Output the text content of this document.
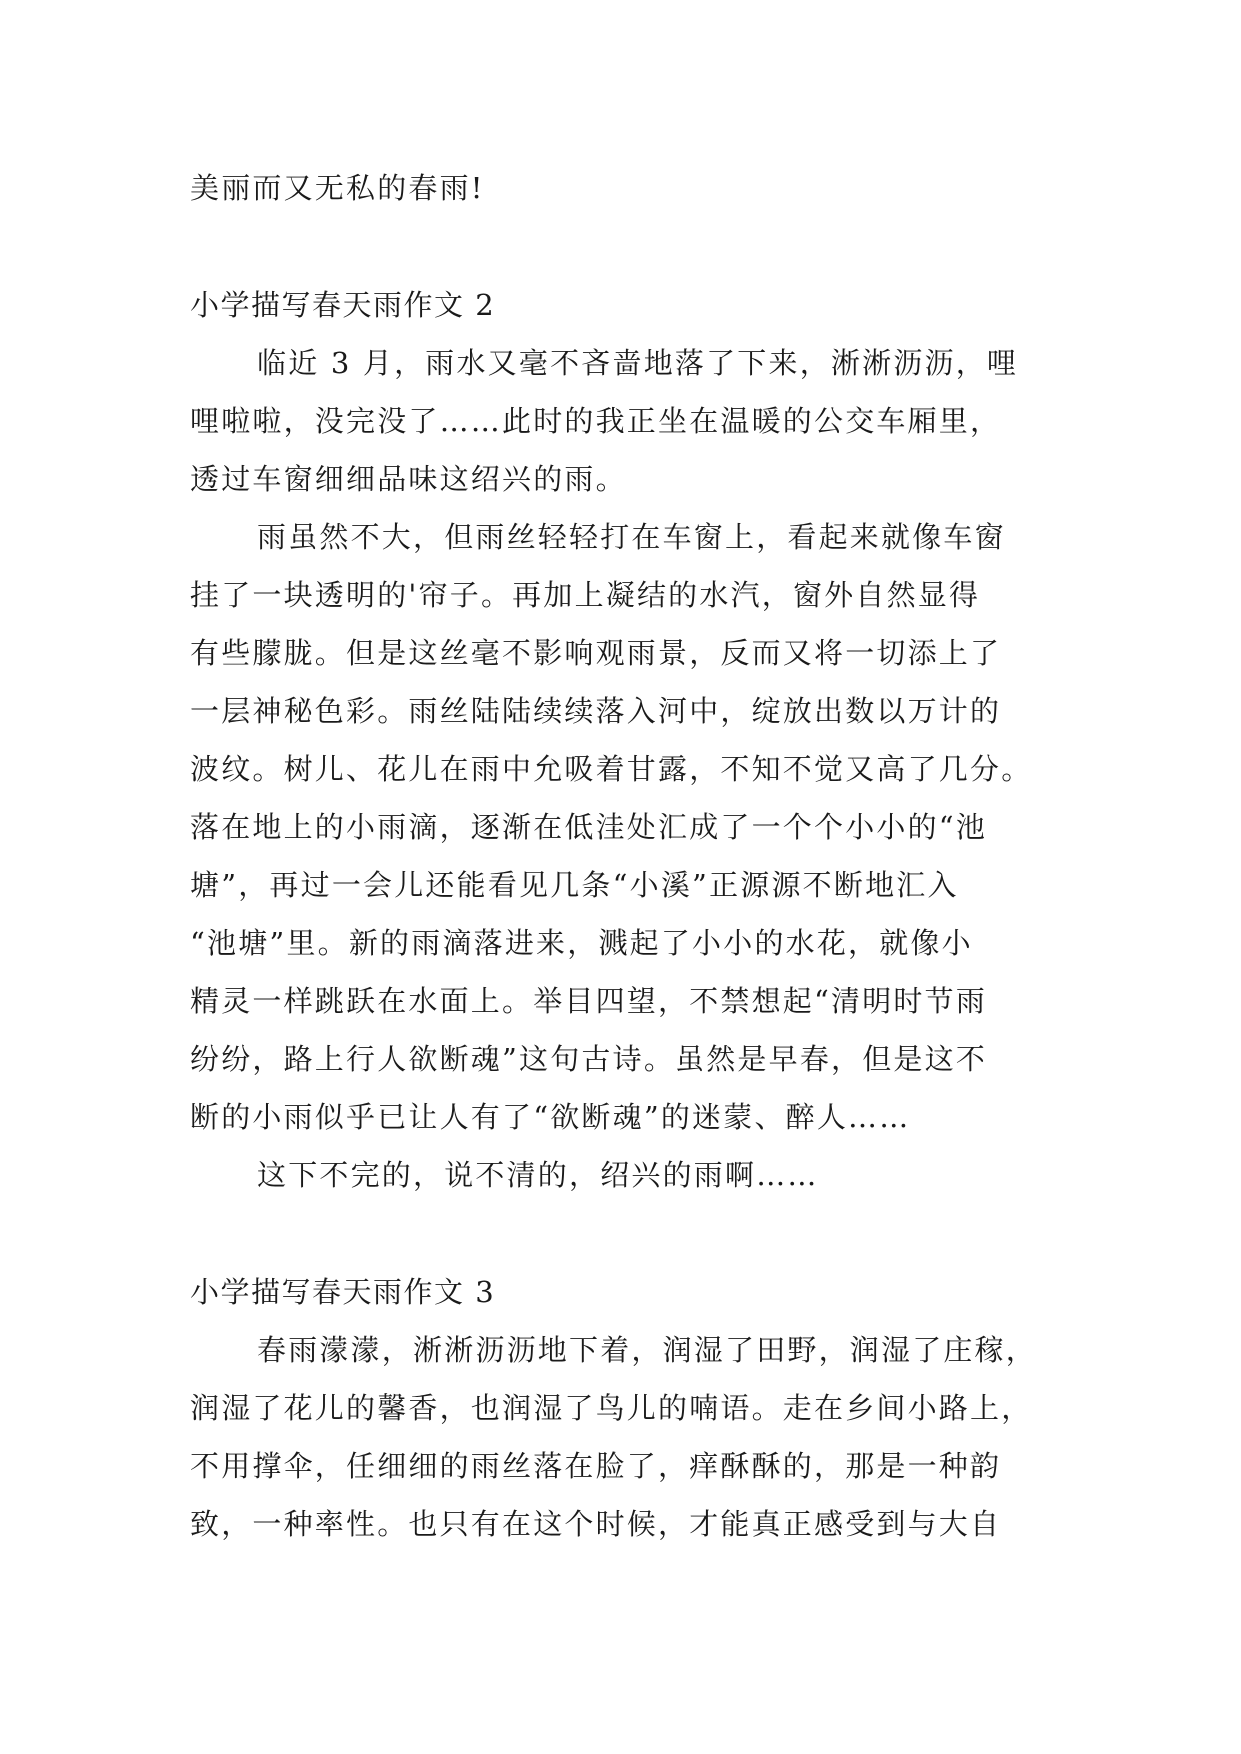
美丽而又无私的春雨!
小学描写春天雨作文 2
临近 3 月，雨水又毫不吝啬地落了下来，淅淅沥沥，哩
哩啦啦，没完没了……此时的我正坐在温暖的公交车厢里，
透过车窗细细品味这绍兴的雨。
雨虽然不大，但雨丝轻轻打在车窗上，看起来就像车窗
挂了一块透明的'帘子。再加上凝结的水汽，窗外自然显得
有些朦胧。但是这丝毫不影响观雨景，反而又将一切添上了
一层神秘色彩。雨丝陆陆续续落入河中，绽放出数以万计的
波纹。树儿、花儿在雨中允吸着甘露，不知不觉又高了几分。
落在地上的小雨滴，逐渐在低洼处汇成了一个个小小的“池
塘”，再过一会儿还能看见几条“小溪”正源源不断地汇入
“池塘”里。新的雨滴落进来，溅起了小小的水花，就像小
精灵一样跳跃在水面上。举目四望，不禁想起“清明时节雨
纷纷，路上行人欲断魂”这句古诗。虽然是早春，但是这不
断的小雨似乎已让人有了“欲断魂”的迷蒙、醉人……
这下不完的，说不清的，绍兴的雨啊……
小学描写春天雨作文 3
春雨濛濛，淅淅沥沥地下着，润湿了田野，润湿了庄稼，
润湿了花儿的馨香，也润湿了鸟儿的喃语。走在乡间小路上，
不用撑伞，任细细的雨丝落在脸了，痒酥酥的，那是一种韵
致，一种率性。也只有在这个时候，才能真正感受到与大自
